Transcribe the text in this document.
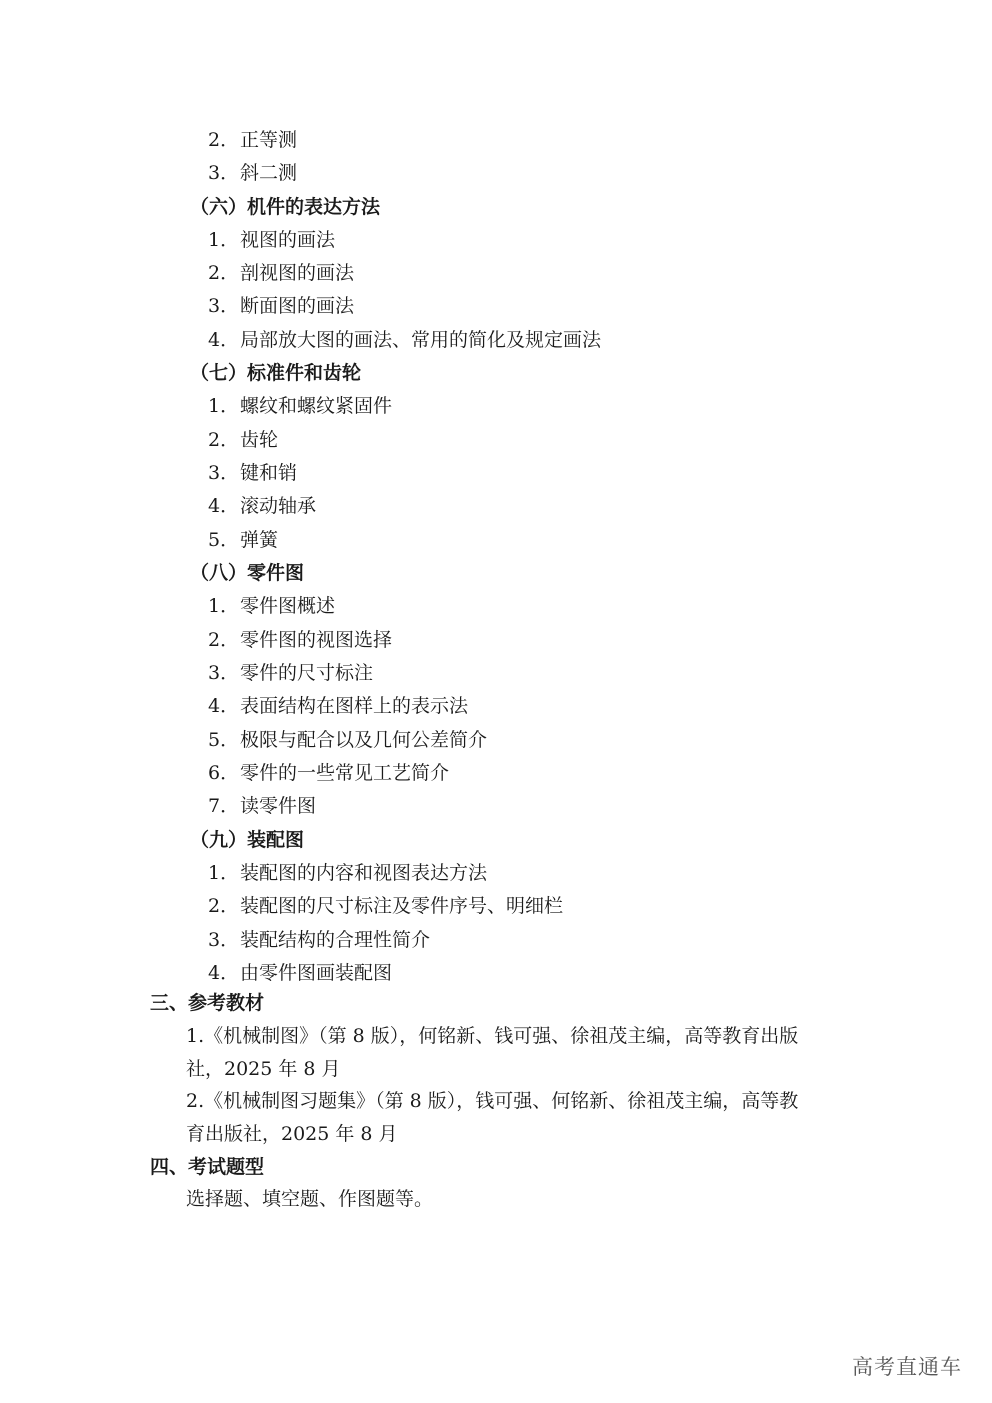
2．正等测
3．斜二测
（六）机件的表达方法
1．视图的画法
2．剖视图的画法
3．断面图的画法
4．局部放大图的画法、常用的简化及规定画法
（七）标准件和齿轮
1．螺纹和螺纹紧固件
2．齿轮
3．键和销
4．滚动轴承
5．弹簧
（八）零件图
1．零件图概述
2．零件图的视图选择
3．零件的尺寸标注
4．表面结构在图样上的表示法
5．极限与配合以及几何公差简介
6．零件的一些常见工艺简介
7．读零件图
（九）装配图
1．装配图的内容和视图表达方法
2．装配图的尺寸标注及零件序号、明细栏
3．装配结构的合理性简介
4．由零件图画装配图
三、参考教材
1.《机械制图》（第 8 版），何铭新、钱可强、徐祖茂主编，高等教育出版
社，2025 年 8 月
2.《机械制图习题集》（第 8 版），钱可强、何铭新、徐祖茂主编，高等教
育出版社，2025 年 8 月
四、考试题型
选择题、填空题、作图题等。
高考直通车
